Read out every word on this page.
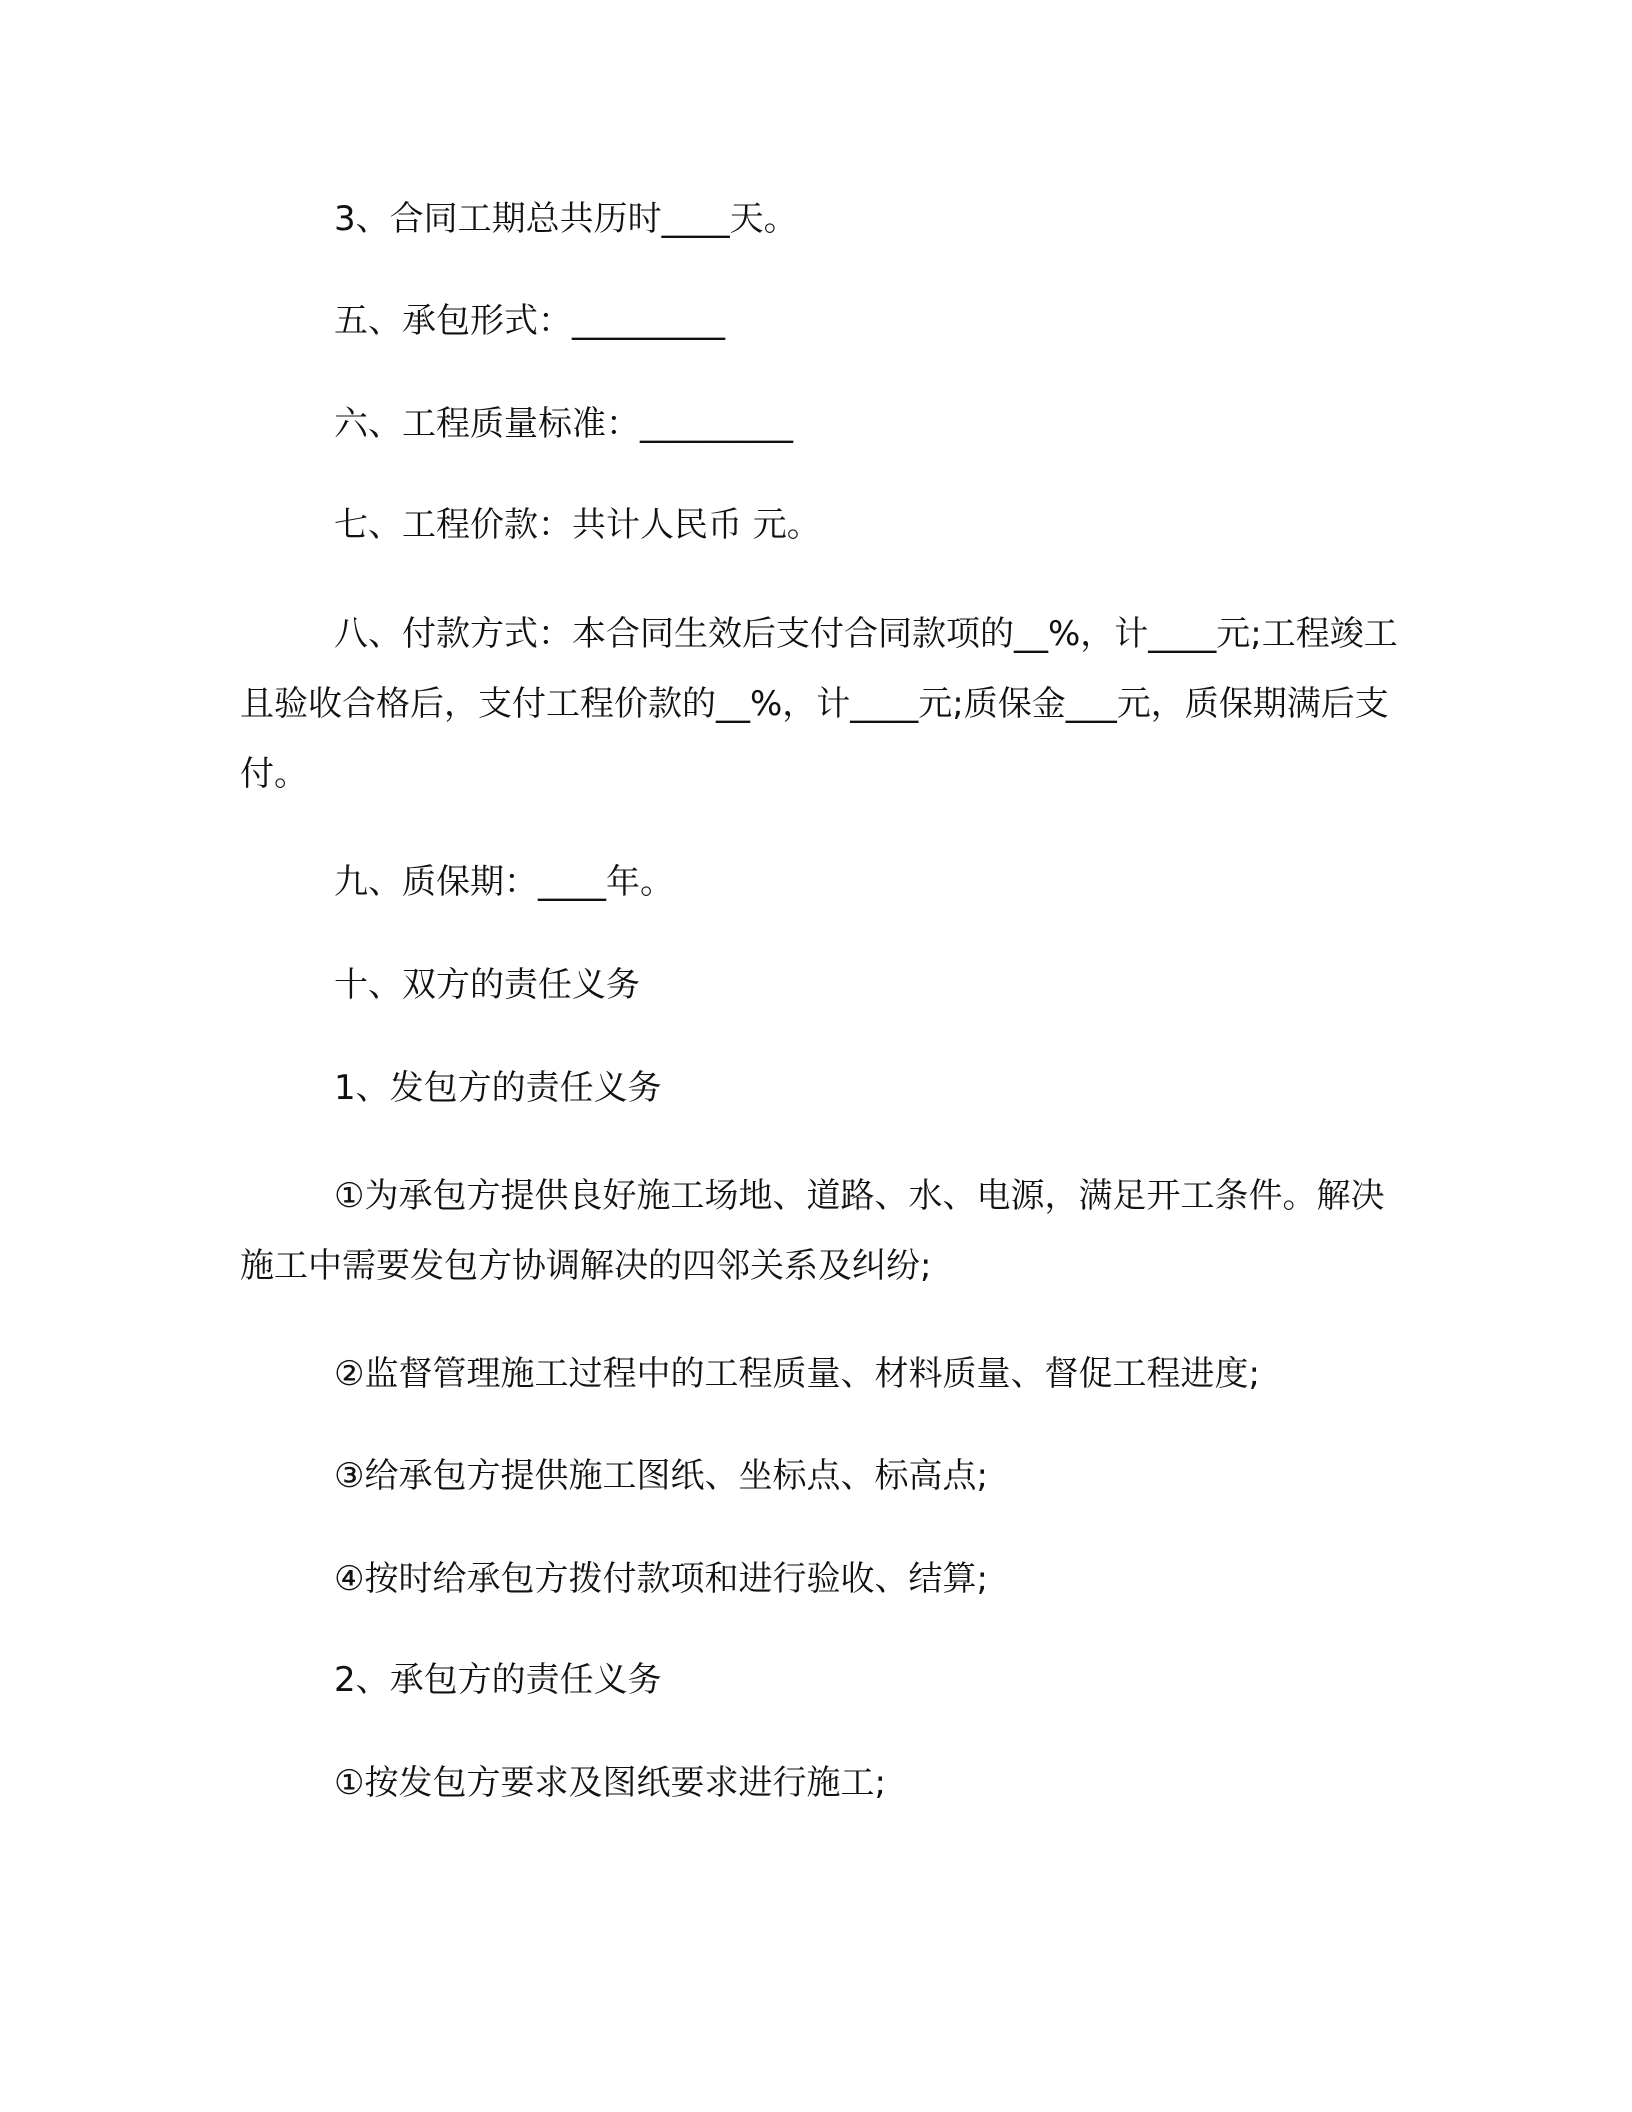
3、合同工期总共历时____天。

五、承包形式：_________

六、工程质量标准：_________

七、工程价款：共计人民币 元。

八、付款方式：本合同生效后支付合同款项的__%，计____元;工程竣工且验收合格后，支付工程价款的__%，计____元;质保金___元，质保期满后支付。

九、质保期：____年。

十、双方的责任义务

1、发包方的责任义务

①为承包方提供良好施工场地、道路、水、电源，满足开工条件。解决施工中需要发包方协调解决的四邻关系及纠纷;

②监督管理施工过程中的工程质量、材料质量、督促工程进度;

③给承包方提供施工图纸、坐标点、标高点;

④按时给承包方拨付款项和进行验收、结算;

2、承包方的责任义务

①按发包方要求及图纸要求进行施工;
